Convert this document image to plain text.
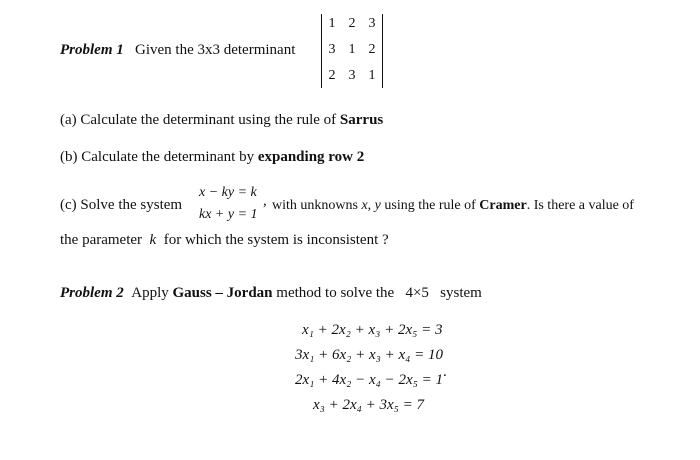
Problem 1 Given the 3x3 determinant
1 2 3
3 1 2
2 3 1
(a) Calculate the determinant using the rule of Sarrus
(b) Calculate the determinant by expanding row 2
(c) Solve the system
x − ky = k
kx + y = 1
, with unknowns x, y using the rule of Cramer. Is there a value of
the parameter k for which the system is inconsistent ?
Problem 2 Apply Gauss – Jordan method to solve the 4×5 system
x₁ + 2x₂ + x₃ + 2x₅ = 3
3x₁ + 6x₂ + x₃ + x₄ = 10
2x₁ + 4x₂ − x₄ − 2x₅ = 1 .
x₃ + 2x₄ + 3x₅ = 7
